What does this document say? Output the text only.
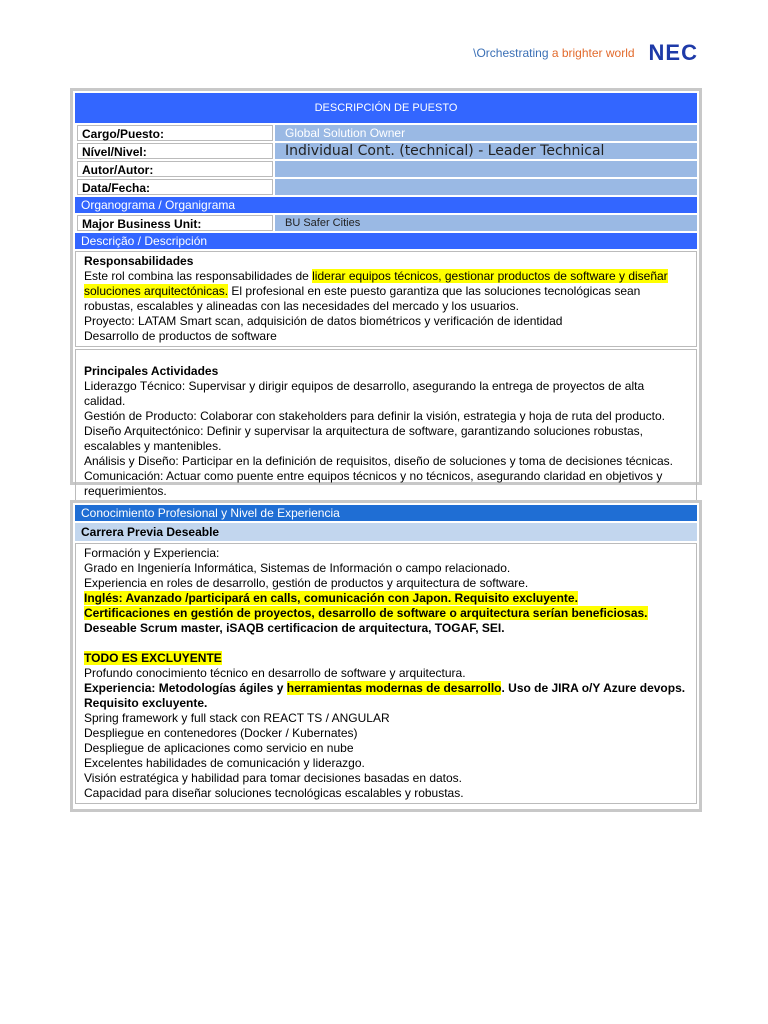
\Orchestrating a brighter world NEC
DESCRIPCIÓN DE PUESTO
Cargo/Puesto:	Global Solution Owner
Nível/Nivel:	Individual Cont. (technical) - Leader Technical
Autor/Autor:
Data/Fecha:
Organograma / Organigrama
Major Business Unit:	BU Safer Cities
Descrição / Descripción

Responsabilidades

Este rol combina las responsabilidades de liderar equipos técnicos, gestionar productos de software y diseñar soluciones arquitectónicas. El profesional en este puesto garantiza que las soluciones tecnológicas sean robustas, escalables y alineadas con las necesidades del mercado y los usuarios.

Proyecto: LATAM Smart scan, adquisición de datos biométricos y verificación de identidad

Desarrollo de productos de software

Principales Actividades

Liderazgo Técnico: Supervisar y dirigir equipos de desarrollo, asegurando la entrega de proyectos de alta calidad.

Gestión de Producto: Colaborar con stakeholders para definir la visión, estrategia y hoja de ruta del producto.

Diseño Arquitectónico: Definir y supervisar la arquitectura de software, garantizando soluciones robustas, escalables y mantenibles.

Análisis y Diseño: Participar en la definición de requisitos, diseño de soluciones y toma de decisiones técnicas.

Comunicación: Actuar como puente entre equipos técnicos y no técnicos, asegurando claridad en objetivos y requerimientos.

Conocimiento Profesional y Nivel de Experiencia
Carrera Previa Deseable

Formación y Experiencia:

Grado en Ingeniería Informática, Sistemas de Información o campo relacionado.

Experiencia en roles de desarrollo, gestión de productos y arquitectura de software.

Inglés: Avanzado /participará en calls, comunicación con Japon. Requisito excluyente.

Certificaciones en gestión de proyectos, desarrollo de software o arquitectura serían beneficiosas.

Deseable Scrum master, iSAQB certificacion de arquitectura, TOGAF, SEI.

TODO ES EXCLUYENTE

Profundo conocimiento técnico en desarrollo de software y arquitectura.

Experiencia: Metodologías ágiles y herramientas modernas de desarrollo. Uso de JIRA o/Y Azure devops. Requisito excluyente.

Spring framework y full stack con REACT TS / ANGULAR

Despliegue en contenedores (Docker / Kubernates)

Despliegue de aplicaciones como servicio en nube

Excelentes habilidades de comunicación y liderazgo.

Visión estratégica y habilidad para tomar decisiones basadas en datos.

Capacidad para diseñar soluciones tecnológicas escalables y robustas.
